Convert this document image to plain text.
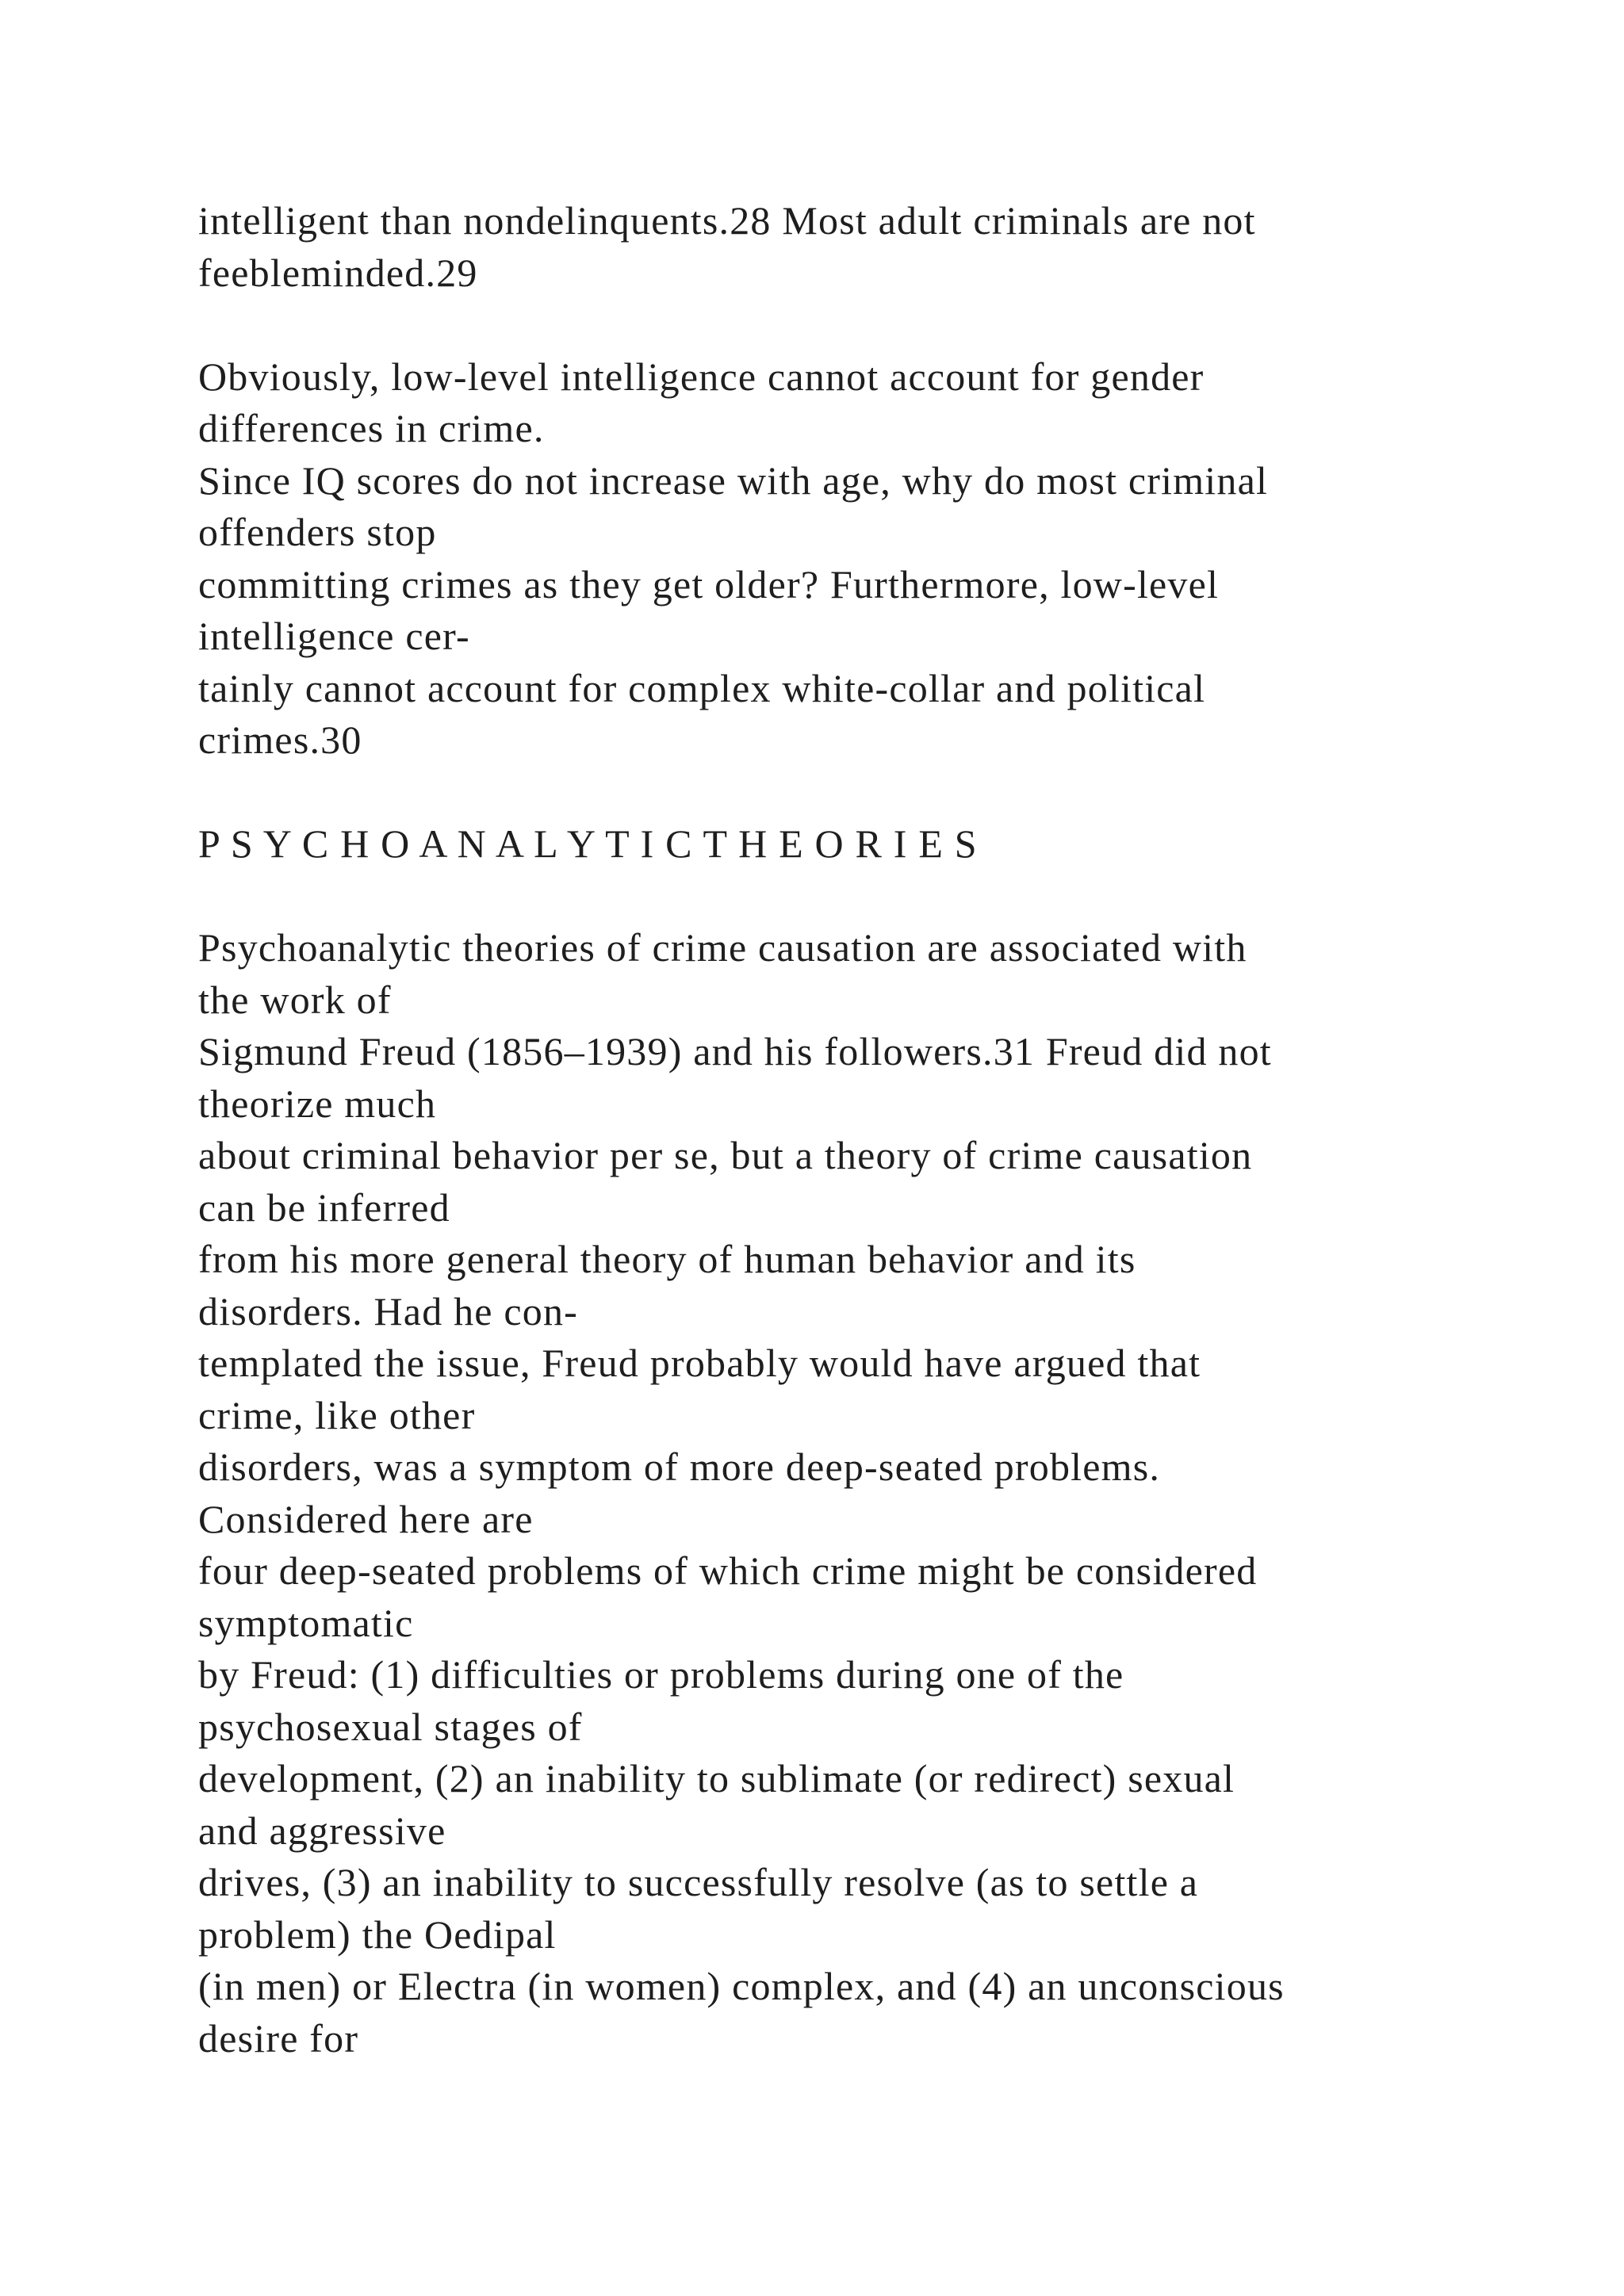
intelligent than nondelinquents.28 Most adult criminals are not
feebleminded.29
Obviously, low-level intelligence cannot account for gender
differences in crime.
Since IQ scores do not increase with age, why do most criminal
offenders stop
committing crimes as they get older? Furthermore, low-level
intelligence cer-
tainly cannot account for complex white-collar and political
crimes.30
P S Y C H O A N A L Y T I C T H E O R I E S
Psychoanalytic theories of crime causation are associated with
the work of
Sigmund Freud (1856–1939) and his followers.31 Freud did not
theorize much
about criminal behavior per se, but a theory of crime causation
can be inferred
from his more general theory of human behavior and its
disorders. Had he con-
templated the issue, Freud probably would have argued that
crime, like other
disorders, was a symptom of more deep-seated problems.
Considered here are
four deep-seated problems of which crime might be considered
symptomatic
by Freud: (1) difficulties or problems during one of the
psychosexual stages of
development, (2) an inability to sublimate (or redirect) sexual
and aggressive
drives, (3) an inability to successfully resolve (as to settle a
problem) the Oedipal
(in men) or Electra (in women) complex, and (4) an unconscious
desire for
